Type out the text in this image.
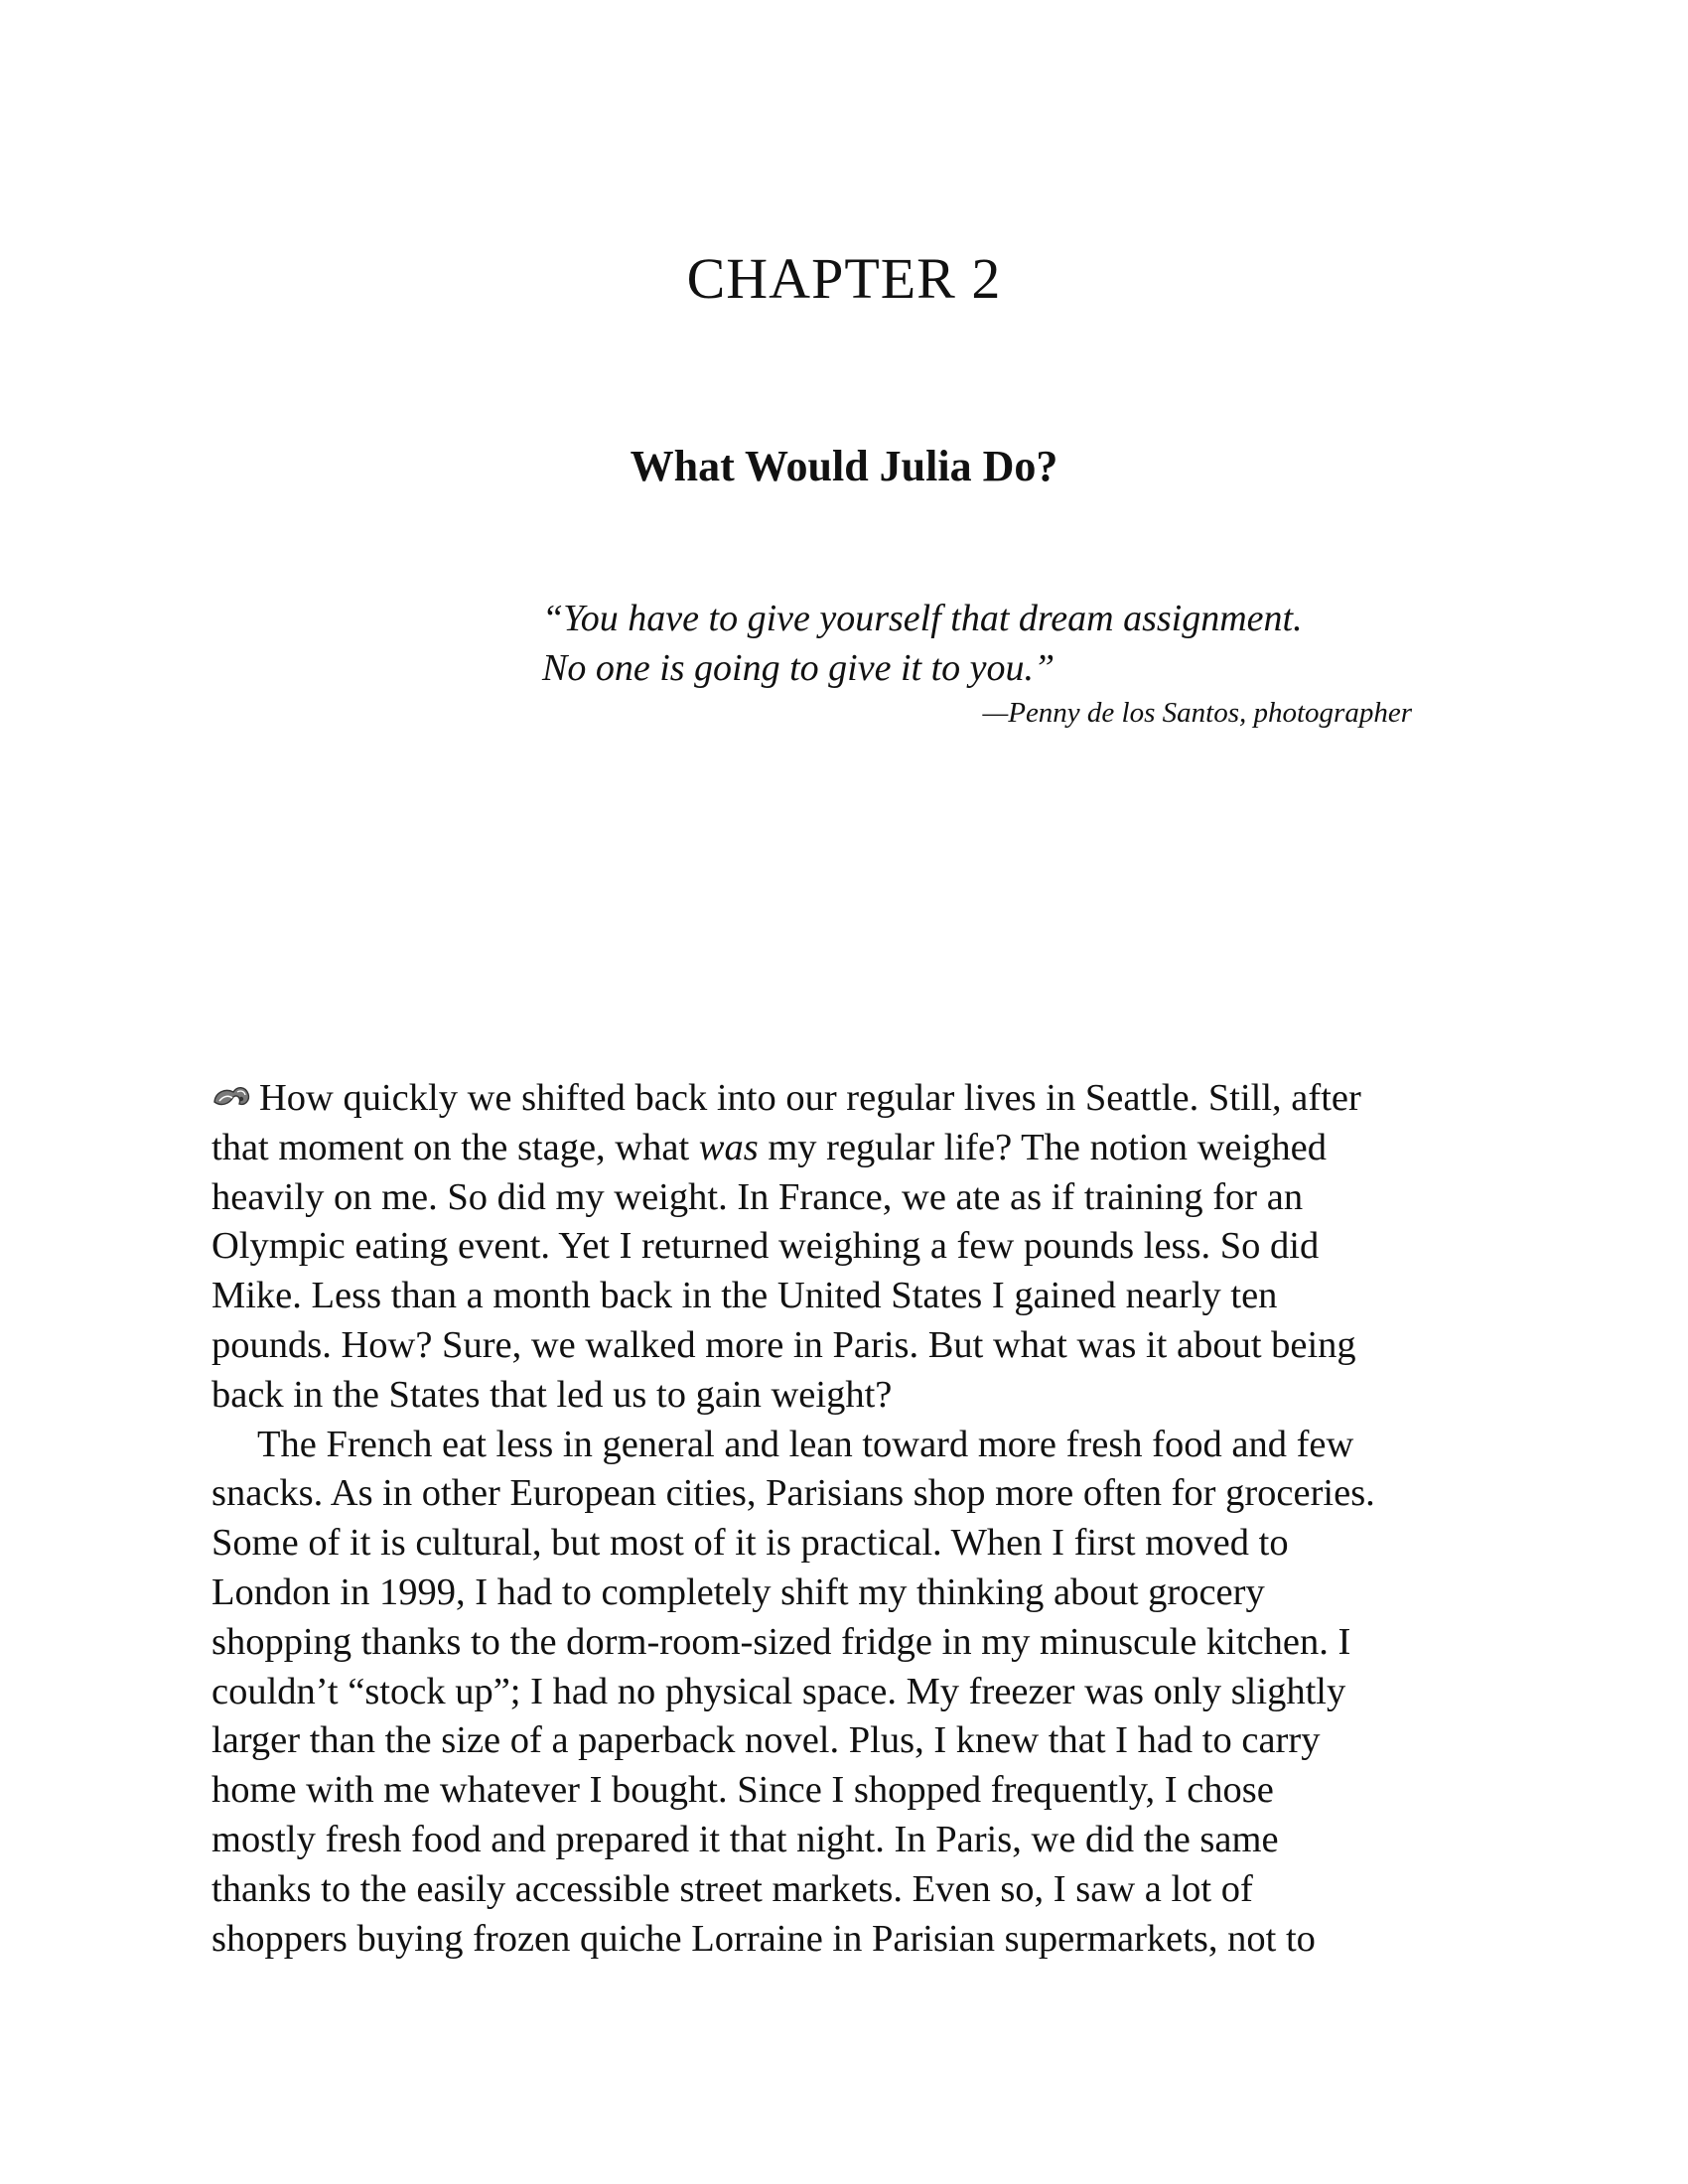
CHAPTER 2
What Would Julia Do?
“You have to give yourself that dream assignment.
No one is going to give it to you.”
—Penny de los Santos, photographer
How quickly we shifted back into our regular lives in Seattle. Still, after
that moment on the stage, what was my regular life? The notion weighed
heavily on me. So did my weight. In France, we ate as if training for an
Olympic eating event. Yet I returned weighing a few pounds less. So did
Mike. Less than a month back in the United States I gained nearly ten
pounds. How? Sure, we walked more in Paris. But what was it about being
back in the States that led us to gain weight?
The French eat less in general and lean toward more fresh food and few
snacks. As in other European cities, Parisians shop more often for groceries.
Some of it is cultural, but most of it is practical. When I first moved to
London in 1999, I had to completely shift my thinking about grocery
shopping thanks to the dorm-room-sized fridge in my minuscule kitchen. I
couldn’t “stock up”; I had no physical space. My freezer was only slightly
larger than the size of a paperback novel. Plus, I knew that I had to carry
home with me whatever I bought. Since I shopped frequently, I chose
mostly fresh food and prepared it that night. In Paris, we did the same
thanks to the easily accessible street markets. Even so, I saw a lot of
shoppers buying frozen quiche Lorraine in Parisian supermarkets, not to
